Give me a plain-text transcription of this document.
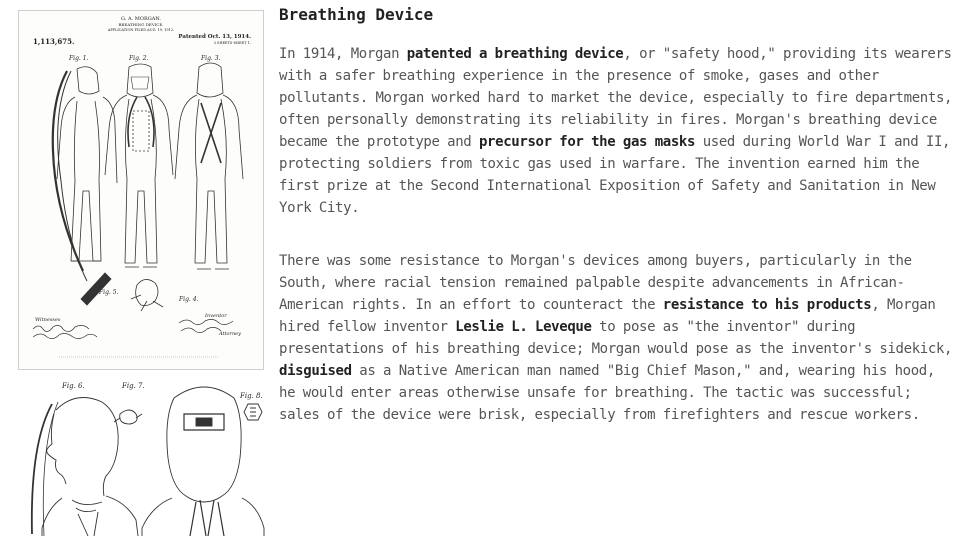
G. A. MORGAN.
BREATHING DEVICE.
APPLICATION FILED AUG. 19, 1912.
1,113,675.	Patented Oct. 13, 1914.
3 SHEETS-SHEET 1.
Fig. 1.	Fig. 2.	Fig. 3.
Fig. 4.
Fig. 5.
Witnesses
Inventor
Attorney
Fig. 6.	Fig. 7.
Fig. 8.
Breathing Device

In 1914, Morgan patented a breathing device, or "safety hood," providing its wearers with a safer breathing experience in the presence of smoke, gases and other pollutants. Morgan worked hard to market the device, especially to fire departments, often personally demonstrating its reliability in fires. Morgan's breathing device became the prototype and precursor for the gas masks used during World War I and II, protecting soldiers from toxic gas used in warfare. The invention earned him the first prize at the Second International Exposition of Safety and Sanitation in New York City.

There was some resistance to Morgan's devices among buyers, particularly in the South, where racial tension remained palpable despite advancements in African-American rights. In an effort to counteract the resistance to his products, Morgan hired fellow inventor Leslie L. Leveque to pose as "the inventor" during presentations of his breathing device; Morgan would pose as the inventor's sidekick, disguised as a Native American man named "Big Chief Mason," and, wearing his hood, he would enter areas otherwise unsafe for breathing. The tactic was successful; sales of the device were brisk, especially from firefighters and rescue workers.
